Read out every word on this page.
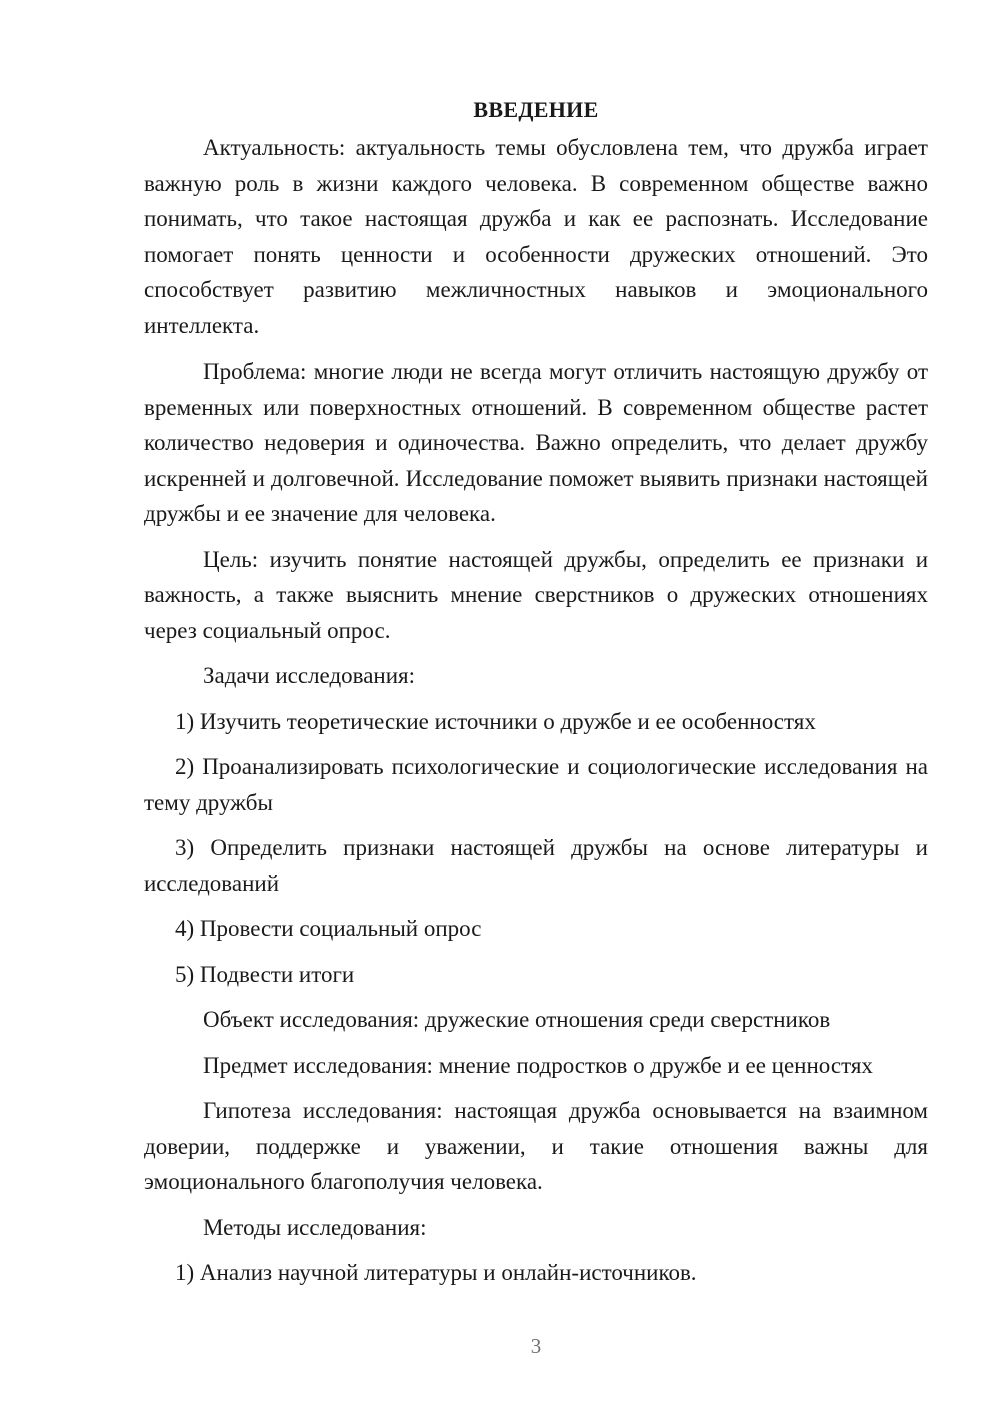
ВВЕДЕНИЕ

Актуальность: актуальность темы обусловлена тем, что дружба играет важную роль в жизни каждого человека. В современном обществе важно понимать, что такое настоящая дружба и как ее распознать. Исследование помогает понять ценности и особенности дружеских отношений. Это способствует развитию межличностных навыков и эмоционального интеллекта.

Проблема: многие люди не всегда могут отличить настоящую дружбу от временных или поверхностных отношений. В современном обществе растет количество недоверия и одиночества. Важно определить, что делает дружбу искренней и долговечной. Исследование поможет выявить признаки настоящей дружбы и ее значение для человека.

Цель: изучить понятие настоящей дружбы, определить ее признаки и важность, а также выяснить мнение сверстников о дружеских отношениях через социальный опрос.

Задачи исследования:

1) Изучить теоретические источники о дружбе и ее особенностях

2) Проанализировать психологические и социологические исследования на тему дружбы

3) Определить признаки настоящей дружбы на основе литературы и исследований

4) Провести социальный опрос

5) Подвести итоги

Объект исследования: дружеские отношения среди сверстников

Предмет исследования: мнение подростков о дружбе и ее ценностях

Гипотеза исследования: настоящая дружба основывается на взаимном доверии, поддержке и уважении, и такие отношения важны для эмоционального благополучия человека.

Методы исследования:

1) Анализ научной литературы и онлайн-источников.

3
